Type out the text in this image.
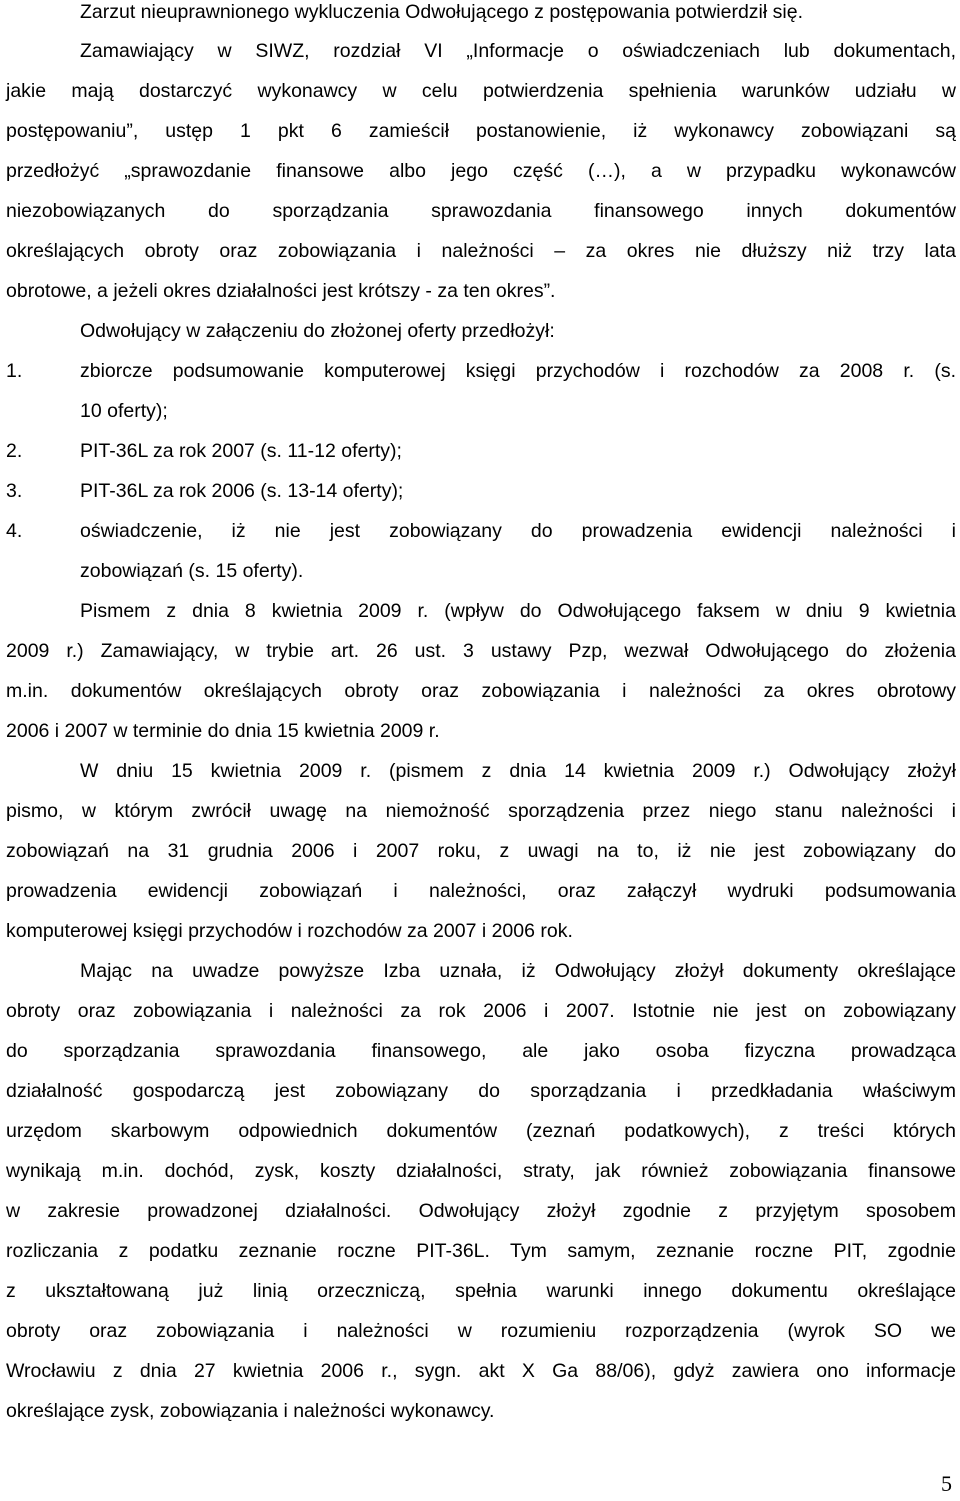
Zarzut nieuprawnionego wykluczenia Odwołującego z postępowania potwierdził się.
Zamawiający w SIWZ, rozdział VI „Informacje o oświadczeniach lub dokumentach,
jakie mają dostarczyć wykonawcy w celu potwierdzenia spełnienia warunków udziału w
postępowaniu”, ustęp 1 pkt 6 zamieścił postanowienie, iż wykonawcy zobowiązani są
przedłożyć „sprawozdanie finansowe albo jego część (…), a w przypadku wykonawców
niezobowiązanych do sporządzania sprawozdania finansowego innych dokumentów
określających obroty oraz zobowiązania i należności – za okres nie dłuższy niż trzy lata
obrotowe, a jeżeli okres działalności jest krótszy - za ten okres”.
Odwołujący w załączeniu do złożonej oferty przedłożył:
1.	zbiorcze podsumowanie komputerowej księgi przychodów i rozchodów za 2008 r. (s.
10 oferty);
2.	PIT-36L za rok 2007 (s. 11-12 oferty);
3.	PIT-36L za rok 2006 (s. 13-14 oferty);
4.	oświadczenie, iż nie jest zobowiązany do prowadzenia ewidencji należności i
zobowiązań (s. 15 oferty).
Pismem z dnia 8 kwietnia 2009 r. (wpływ do Odwołującego faksem w dniu 9 kwietnia
2009 r.) Zamawiający, w trybie art. 26 ust. 3 ustawy Pzp, wezwał Odwołującego do złożenia
m.in. dokumentów określających obroty oraz zobowiązania i należności za okres obrotowy
2006 i 2007 w terminie do dnia 15 kwietnia 2009 r.
W dniu 15 kwietnia 2009 r. (pismem z dnia 14 kwietnia 2009 r.) Odwołujący złożył
pismo, w którym zwrócił uwagę na niemożność sporządzenia przez niego stanu należności i
zobowiązań na 31 grudnia 2006 i 2007 roku, z uwagi na to, iż nie jest zobowiązany do
prowadzenia ewidencji zobowiązań i należności, oraz załączył wydruki podsumowania
komputerowej księgi przychodów i rozchodów za 2007 i 2006 rok.
Mając na uwadze powyższe Izba uznała, iż Odwołujący złożył dokumenty określające
obroty oraz zobowiązania i należności za rok 2006 i 2007. Istotnie nie jest on zobowiązany
do sporządzania sprawozdania finansowego, ale jako osoba fizyczna prowadząca
działalność gospodarczą jest zobowiązany do sporządzania i przedkładania właściwym
urzędom skarbowym odpowiednich dokumentów (zeznań podatkowych), z treści których
wynikają m.in. dochód, zysk, koszty działalności, straty, jak również zobowiązania finansowe
w zakresie prowadzonej działalności. Odwołujący złożył zgodnie z przyjętym sposobem
rozliczania z podatku zeznanie roczne PIT-36L. Tym samym, zeznanie roczne PIT, zgodnie
z ukształtowaną już linią orzeczniczą, spełnia warunki innego dokumentu określające
obroty oraz zobowiązania i należności w rozumieniu rozporządzenia (wyrok SO we
Wrocławiu z dnia 27 kwietnia 2006 r., sygn. akt X Ga 88/06), gdyż zawiera ono informacje
określające zysk, zobowiązania i należności wykonawcy.
5
